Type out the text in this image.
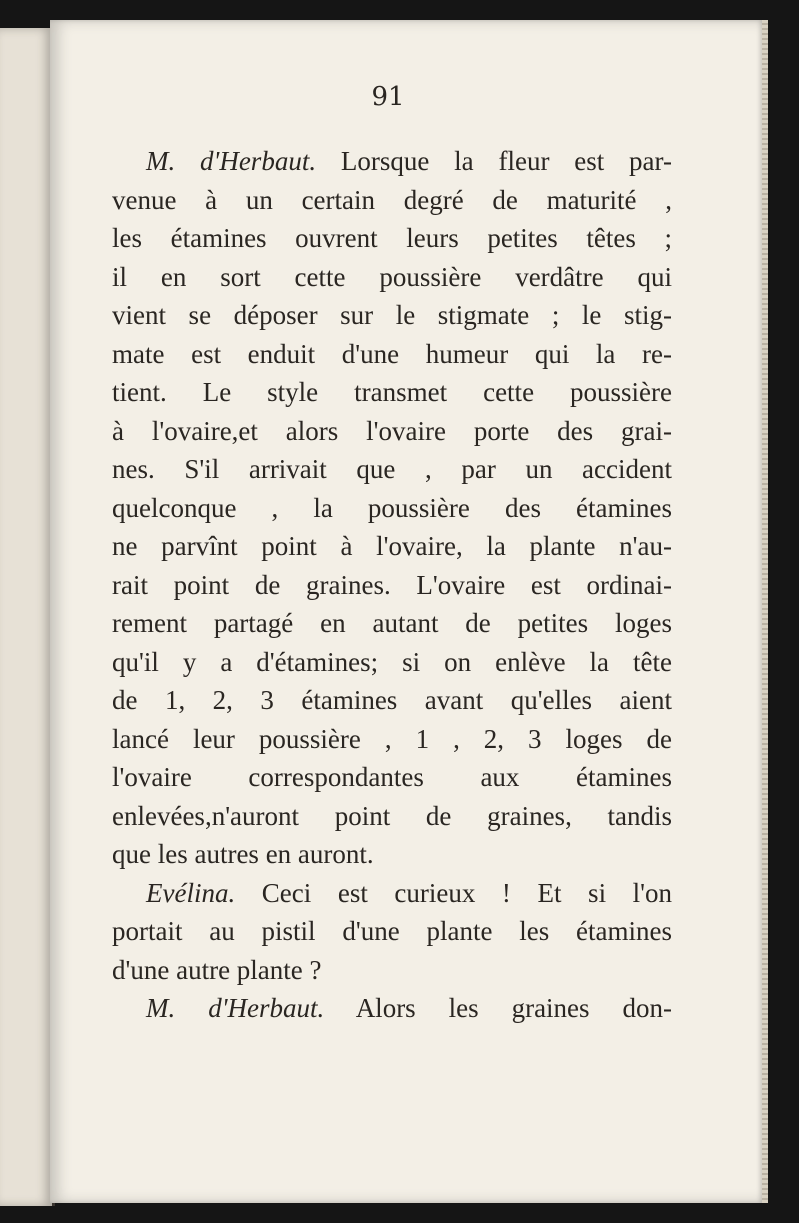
91
M. d'Herbaut. Lorsque la fleur est par-
venue à un certain degré de maturité ,
les étamines ouvrent leurs petites têtes ;
il en sort cette poussière verdâtre qui
vient se déposer sur le stigmate ; le stig-
mate est enduit d'une humeur qui la re-
tient. Le style transmet cette poussière
à l'ovaire,et alors l'ovaire porte des grai-
nes. S'il arrivait que , par un accident
quelconque , la poussière des étamines
ne parvînt point à l'ovaire, la plante n'au-
rait point de graines. L'ovaire est ordinai-
rement partagé en autant de petites loges
qu'il y a d'étamines; si on enlève la tête
de 1, 2, 3 étamines avant qu'elles aient
lancé leur poussière , 1 , 2, 3 loges de
l'ovaire correspondantes aux étamines
enlevées,n'auront point de graines, tandis
que les autres en auront.
Evélina. Ceci est curieux ! Et si l'on
portait au pistil d'une plante les étamines
d'une autre plante ?
M. d'Herbaut. Alors les graines don-
